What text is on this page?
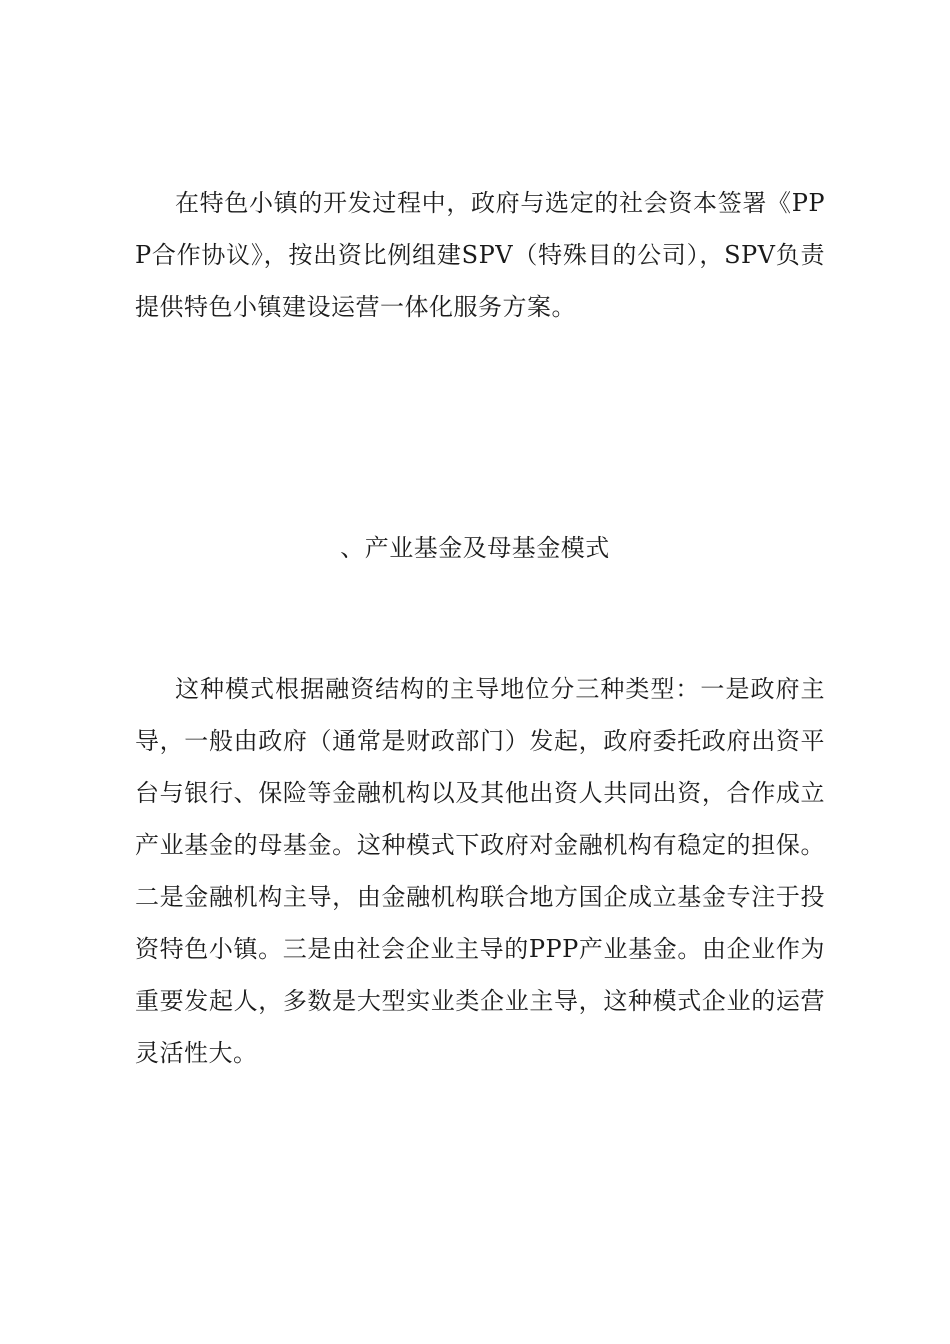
在特色小镇的开发过程中，政府与选定的社会资本签署《PPP合作协议》，按出资比例组建SPV（特殊目的公司），SPV负责提供特色小镇建设运营一体化服务方案。

、产业基金及母基金模式

这种模式根据融资结构的主导地位分三种类型：一是政府主导，一般由政府（通常是财政部门）发起，政府委托政府出资平台与银行、保险等金融机构以及其他出资人共同出资，合作成立产业基金的母基金。这种模式下政府对金融机构有稳定的担保。二是金融机构主导，由金融机构联合地方国企成立基金专注于投资特色小镇。三是由社会企业主导的PPP产业基金。由企业作为重要发起人，多数是大型实业类企业主导，这种模式企业的运营灵活性大。
